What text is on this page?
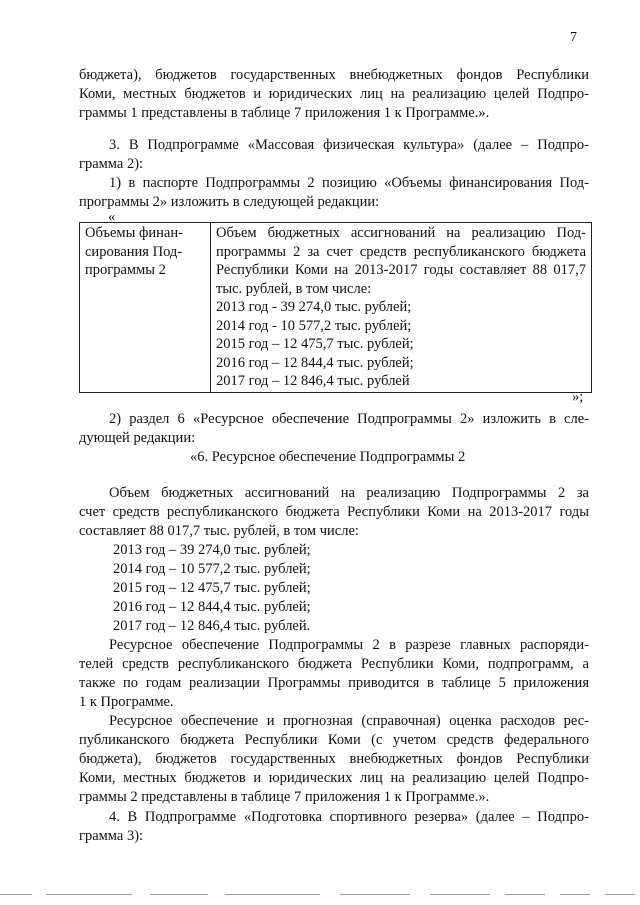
7
бюджета), бюджетов государственных внебюджетных фондов Республики
Коми, местных бюджетов и юридических лиц на реализацию целей Подпро-
граммы 1 представлены в таблице 7 приложения 1 к Программе.».
3. В Подпрограмме «Массовая физическая культура» (далее – Подпро-
грамма 2):
1) в паспорте Подпрограммы 2 позицию «Объемы финансирования Под-
программы 2» изложить в следующей редакции:
«
Объемы финан-
сирования Под-
программы 2

Объем бюджетных ассигнований на реализацию Под-
программы 2 за счет средств республиканского бюджета
Республики Коми на 2013-2017 годы составляет 88 017,7
тыс. рублей, в том числе:
2013 год - 39 274,0 тыс. рублей;
2014 год - 10 577,2 тыс. рублей;
2015 год – 12 475,7 тыс. рублей;
2016 год – 12 844,4 тыс. рублей;
2017 год – 12 846,4 тыс. рублей
»;
2) раздел 6 «Ресурсное обеспечение Подпрограммы 2» изложить в сле-
дующей редакции:
«6. Ресурсное обеспечение Подпрограммы 2
Объем бюджетных ассигнований на реализацию Подпрограммы 2 за
счет средств республиканского бюджета Республики Коми на 2013-2017 годы
составляет 88 017,7 тыс. рублей, в том числе:
2013 год – 39 274,0 тыс. рублей;
2014 год – 10 577,2 тыс. рублей;
2015 год – 12 475,7 тыс. рублей;
2016 год – 12 844,4 тыс. рублей;
2017 год – 12 846,4 тыс. рублей.
Ресурсное обеспечение Подпрограммы 2 в разрезе главных распоряди-
телей средств республиканского бюджета Республики Коми, подпрограмм, а
также по годам реализации Программы приводится в таблице 5 приложения
1 к Программе.
Ресурсное обеспечение и прогнозная (справочная) оценка расходов рес-
публиканского бюджета Республики Коми (с учетом средств федерального
бюджета), бюджетов государственных внебюджетных фондов Республики
Коми, местных бюджетов и юридических лиц на реализацию целей Подпро-
граммы 2 представлены в таблице 7 приложения 1 к Программе.».
4. В Подпрограмме «Подготовка спортивного резерва» (далее – Подпро-
грамма 3):
